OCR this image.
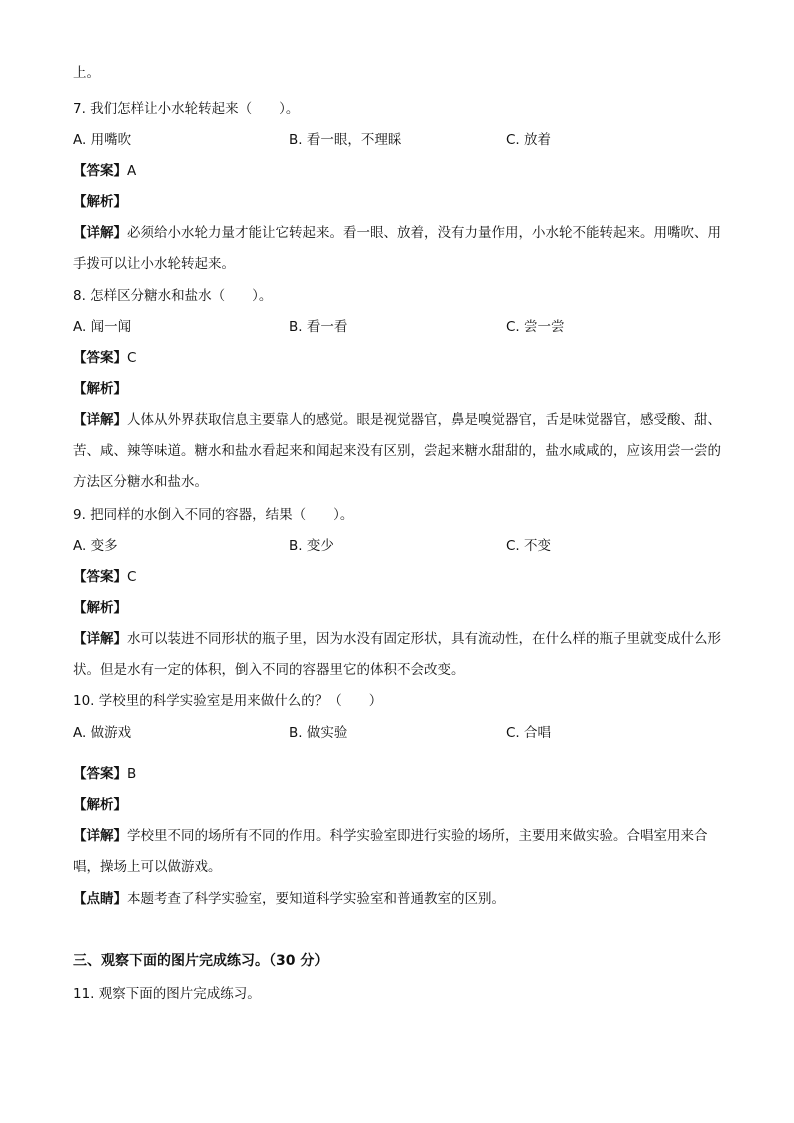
上。
7. 我们怎样让小水轮转起来（　　）。
A. 用嘴吹	B. 看一眼，不理睬	C. 放着
【答案】A
【解析】
【详解】必须给小水轮力量才能让它转起来。看一眼、放着，没有力量作用，小水轮不能转起来。用嘴吹、用手拨可以让小水轮转起来。
8. 怎样区分糖水和盐水（　　）。
A. 闻一闻	B. 看一看	C. 尝一尝
【答案】C
【解析】
【详解】人体从外界获取信息主要靠人的感觉。眼是视觉器官，鼻是嗅觉器官，舌是味觉器官，感受酸、甜、苦、咸、辣等味道。糖水和盐水看起来和闻起来没有区别，尝起来糖水甜甜的，盐水咸咸的，应该用尝一尝的方法区分糖水和盐水。
9. 把同样的水倒入不同的容器，结果（　　）。
A. 变多	B. 变少	C. 不变
【答案】C
【解析】
【详解】水可以装进不同形状的瓶子里，因为水没有固定形状，具有流动性，在什么样的瓶子里就变成什么形状。但是水有一定的体积，倒入不同的容器里它的体积不会改变。
10. 学校里的科学实验室是用来做什么的？（　　）
A. 做游戏	B. 做实验	C. 合唱
【答案】B
【解析】
【详解】学校里不同的场所有不同的作用。科学实验室即进行实验的场所，主要用来做实验。合唱室用来合唱，操场上可以做游戏。
【点睛】本题考查了科学实验室，要知道科学实验室和普通教室的区别。
三、观察下面的图片完成练习。（30 分）
11. 观察下面的图片完成练习。
